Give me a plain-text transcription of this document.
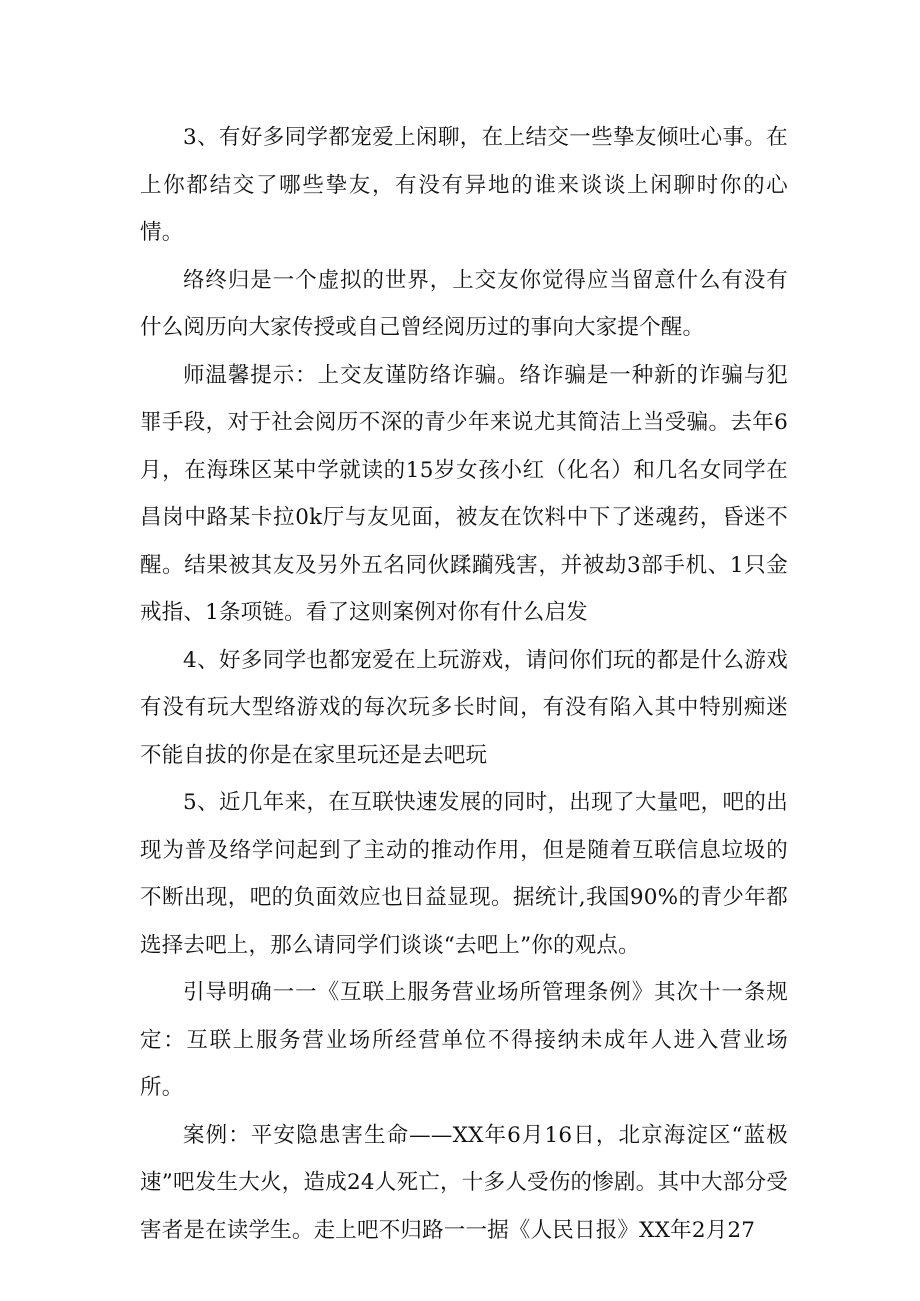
3、有好多同学都宠爱上闲聊，在上结交一些挚友倾吐心事。在上你都结交了哪些挚友，有没有异地的谁来谈谈上闲聊时你的心情。

络终归是一个虚拟的世界，上交友你觉得应当留意什么有没有什么阅历向大家传授或自己曾经阅历过的事向大家提个醒。

师温馨提示：上交友谨防络诈骗。络诈骗是一种新的诈骗与犯罪手段，对于社会阅历不深的青少年来说尤其简洁上当受骗。去年6月，在海珠区某中学就读的15岁女孩小红（化名）和几名女同学在昌岗中路某卡拉0k厅与友见面，被友在饮料中下了迷魂药，昏迷不醒。结果被其友及另外五名同伙蹂躏残害，并被劫3部手机、1只金戒指、1条项链。看了这则案例对你有什么启发

4、好多同学也都宠爱在上玩游戏，请问你们玩的都是什么游戏有没有玩大型络游戏的每次玩多长时间，有没有陷入其中特别痴迷不能自拔的你是在家里玩还是去吧玩

5、近几年来，在互联快速发展的同时，出现了大量吧，吧的出现为普及络学问起到了主动的推动作用，但是随着互联信息垃圾的不断出现，吧的负面效应也日益显现。据统计,我国90%的青少年都选择去吧上，那么请同学们谈谈“去吧上”你的观点。

引导明确一一《互联上服务营业场所管理条例》其次十一条规定：互联上服务营业场所经营单位不得接纳未成年人进入营业场所。

案例：平安隐患害生命——XX年6月16日，北京海淀区“蓝极速”吧发生大火，造成24人死亡，十多人受伤的惨剧。其中大部分受害者是在读学生。走上吧不归路一一据《人民日报》XX年2月27
